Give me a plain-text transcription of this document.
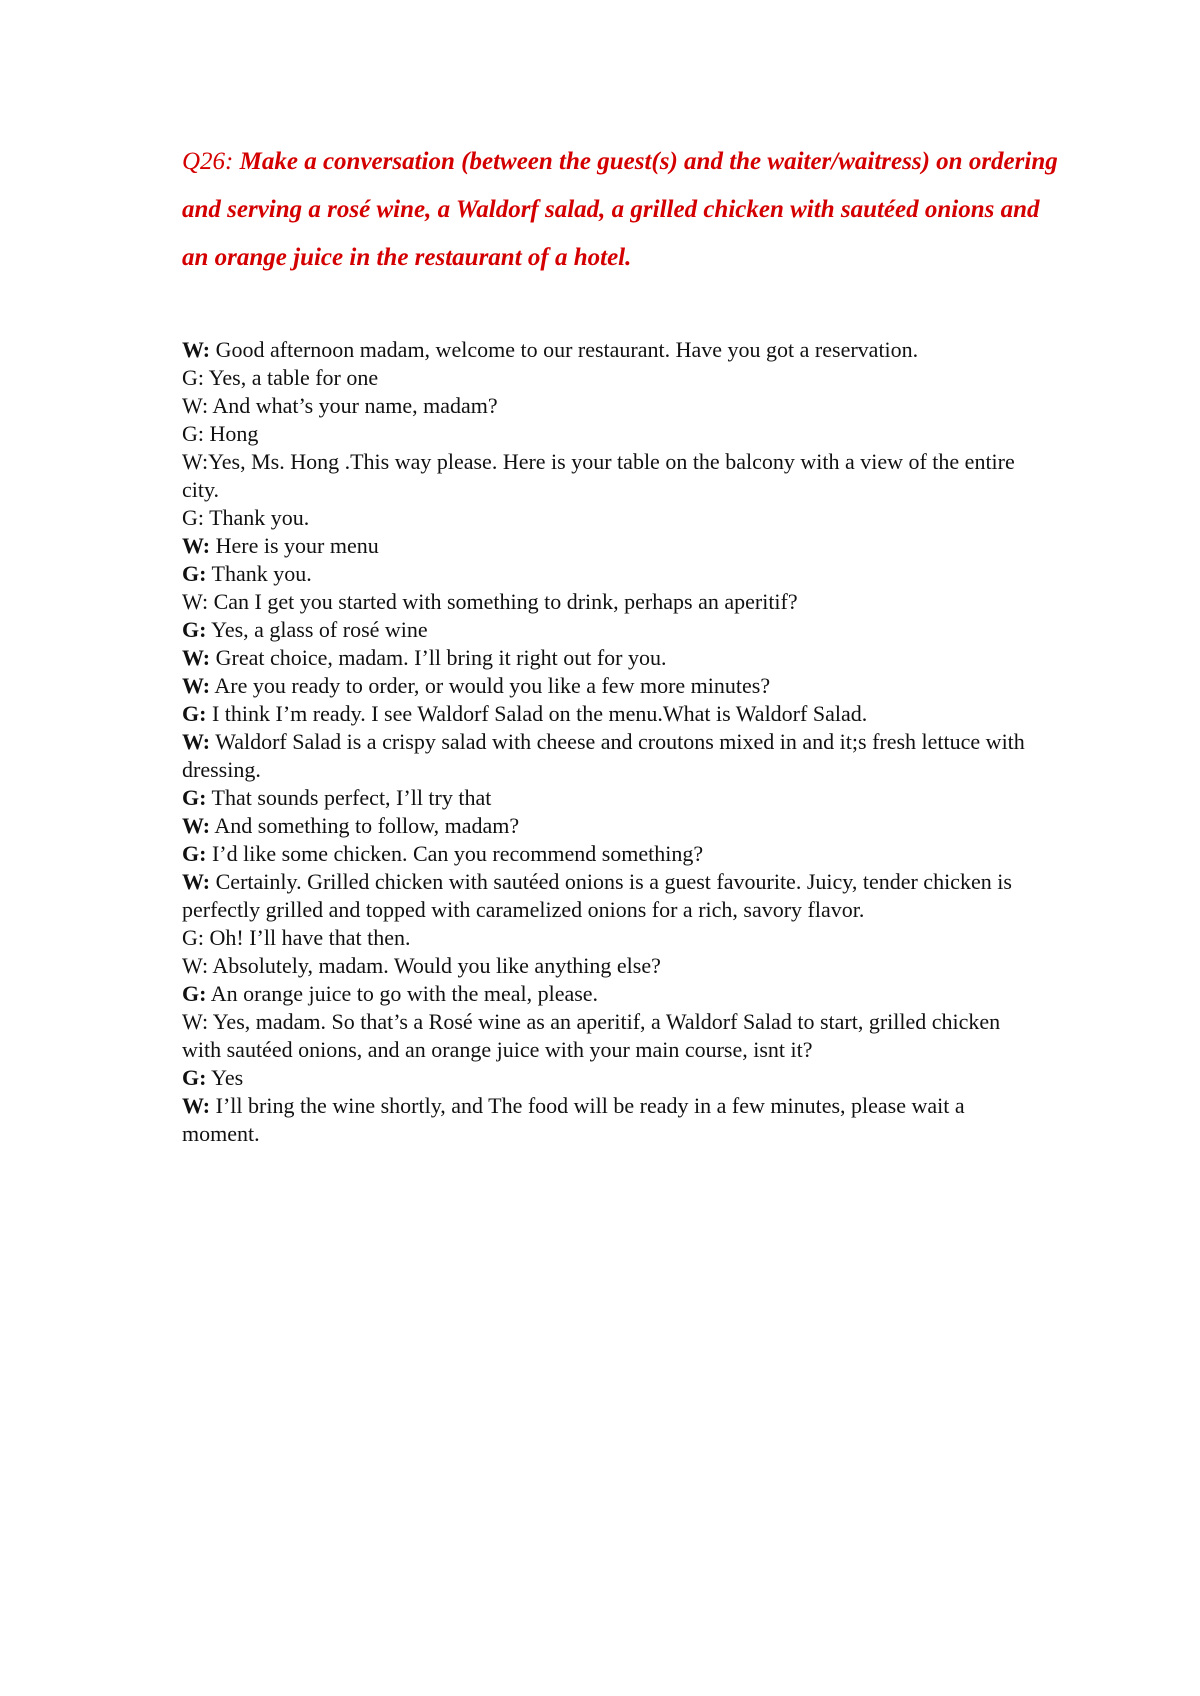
Q26: Make a conversation (between the guest(s) and the waiter/waitress) on ordering and serving a rosé wine, a Waldorf salad, a grilled chicken with sautéed onions and an orange juice in the restaurant of a hotel.

W: Good afternoon madam, welcome to our restaurant. Have you got a reservation.

G: Yes, a table for one

W: And what’s your name, madam?

G: Hong

W:Yes, Ms. Hong .This way please. Here is your table on the balcony with a view of the entire city.

G: Thank you.

W: Here is your menu

G: Thank you.

W: Can I get you started with something to drink, perhaps an aperitif?

G: Yes, a glass of rosé wine

W: Great choice, madam. I’ll bring it right out for you.

W: Are you ready to order, or would you like a few more minutes?

G: I think I’m ready. I see Waldorf Salad on the menu.What is Waldorf Salad.

W: Waldorf Salad is a crispy salad with cheese and croutons mixed in and it;s fresh lettuce with dressing.

G: That sounds perfect, I’ll try that

W: And something to follow, madam?

G: I’d like some chicken. Can you recommend something?

W: Certainly. Grilled chicken with sautéed onions is a guest favourite. Juicy, tender chicken is perfectly grilled and topped with caramelized onions for a rich, savory flavor.

G: Oh! I’ll have that then.

W: Absolutely, madam. Would you like anything else?

G: An orange juice to go with the meal, please.

W: Yes, madam. So that’s a Rosé wine as an aperitif, a Waldorf Salad to start, grilled chicken with sautéed onions, and an orange juice with your main course, isnt it?

G: Yes

W: I’ll bring the wine shortly, and The food will be ready in a few minutes, please wait a moment.
